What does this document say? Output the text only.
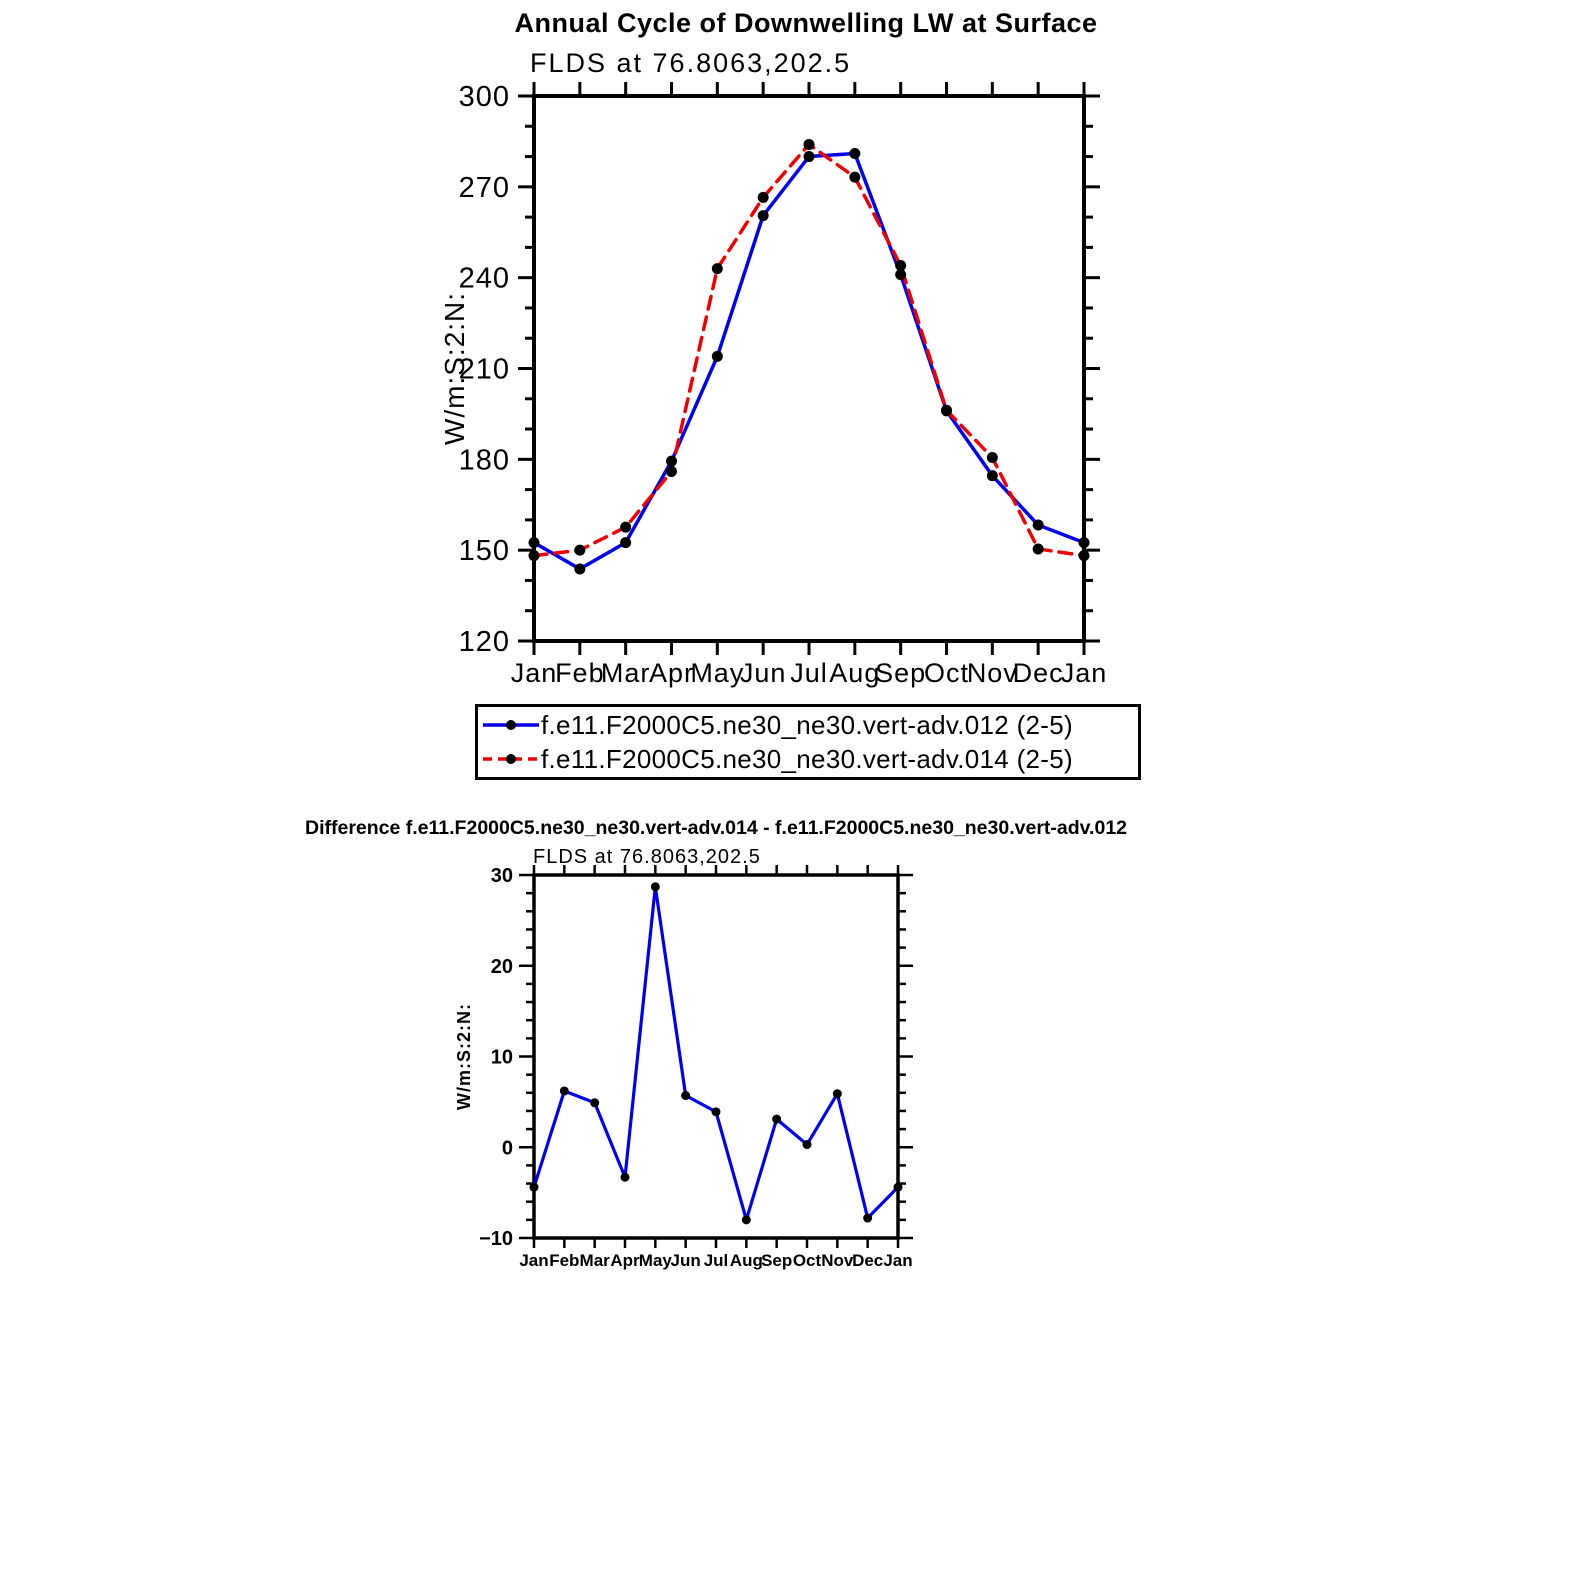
120
150
180
210
240
270
300
Jan
Feb
Mar
Apr
May
Jun Jul Aug
Sep
Oct
Nov
Dec
Jan
W/m:S:2:N:
−10
0
10
20
30
Jan Feb Mar Apr May
Jun Jul Aug
Sep Oct Nov
Dec Jan
W/m:S:2:N:
Annual Cycle of Downwelling LW at Surface
FLDS at 76.8063,202.5
f.e11.F2000C5.ne30_ne30.vert-adv.012 (2-5)
f.e11.F2000C5.ne30_ne30.vert-adv.014 (2-5)
Difference f.e11.F2000C5.ne30_ne30.vert-adv.014 - f.e11.F2000C5.ne30_ne30.vert-adv.012
FLDS at 76.8063,202.5
